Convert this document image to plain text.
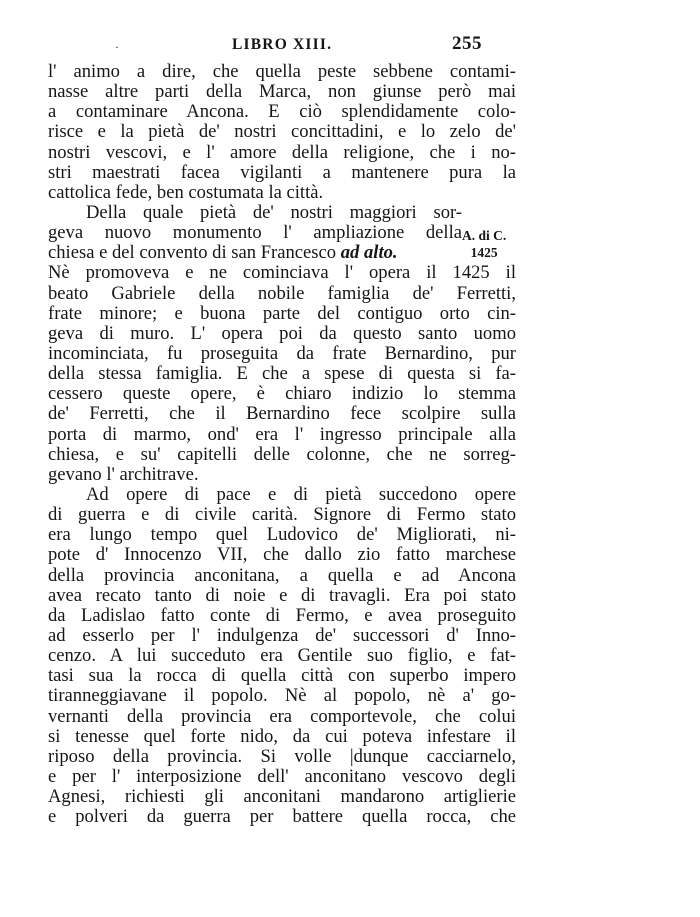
·	LIBRO XIII.	255
A. di C.
1425
l' animo a dire, che quella peste sebbene contami-
nasse altre parti della Marca, non giunse però mai
a contaminare Ancona. E ciò splendidamente colo-
risce e la pietà de' nostri concittadini, e lo zelo de'
nostri vescovi, e l' amore della religione, che i no-
stri maestrati facea vigilanti a mantenere pura la
cattolica fede, ben costumata la città.
Della quale pietà de' nostri maggiori sor-
geva nuovo monumento l' ampliazione della
chiesa e del convento di san Francesco ad alto.
Nè promoveva e ne cominciava l' opera il 1425 il
beato Gabriele della nobile famiglia de' Ferretti,
frate minore; e buona parte del contiguo orto cin-
geva di muro. L' opera poi da questo santo uomo
incominciata, fu proseguita da frate Bernardino, pur
della stessa famiglia. E che a spese di questa si fa-
cessero queste opere, è chiaro indizio lo stemma
de' Ferretti, che il Bernardino fece scolpire sulla
porta di marmo, ond' era l' ingresso principale alla
chiesa, e su' capitelli delle colonne, che ne sorreg-
gevano l' architrave.
Ad opere di pace e di pietà succedono opere
di guerra e di civile carità. Signore di Fermo stato
era lungo tempo quel Ludovico de' Migliorati, ni-
pote d' Innocenzo VII, che dallo zio fatto marchese
della provincia anconitana, a quella e ad Ancona
avea recato tanto di noie e di travagli. Era poi stato
da Ladislao fatto conte di Fermo, e avea proseguito
ad esserlo per l' indulgenza de' successori d' Inno-
cenzo. A lui succeduto era Gentile suo figlio, e fat-
tasi sua la rocca di quella città con superbo impero
tiranneggiavane il popolo. Nè al popolo, nè a' go-
vernanti della provincia era comportevole, che colui
si tenesse quel forte nido, da cui poteva infestare il
riposo della provincia. Si volle |dunque cacciarnelo,
e per l' interposizione dell' anconitano vescovo degli
Agnesi, richiesti gli anconitani mandarono artiglierie
e polveri da guerra per battere quella rocca, che
